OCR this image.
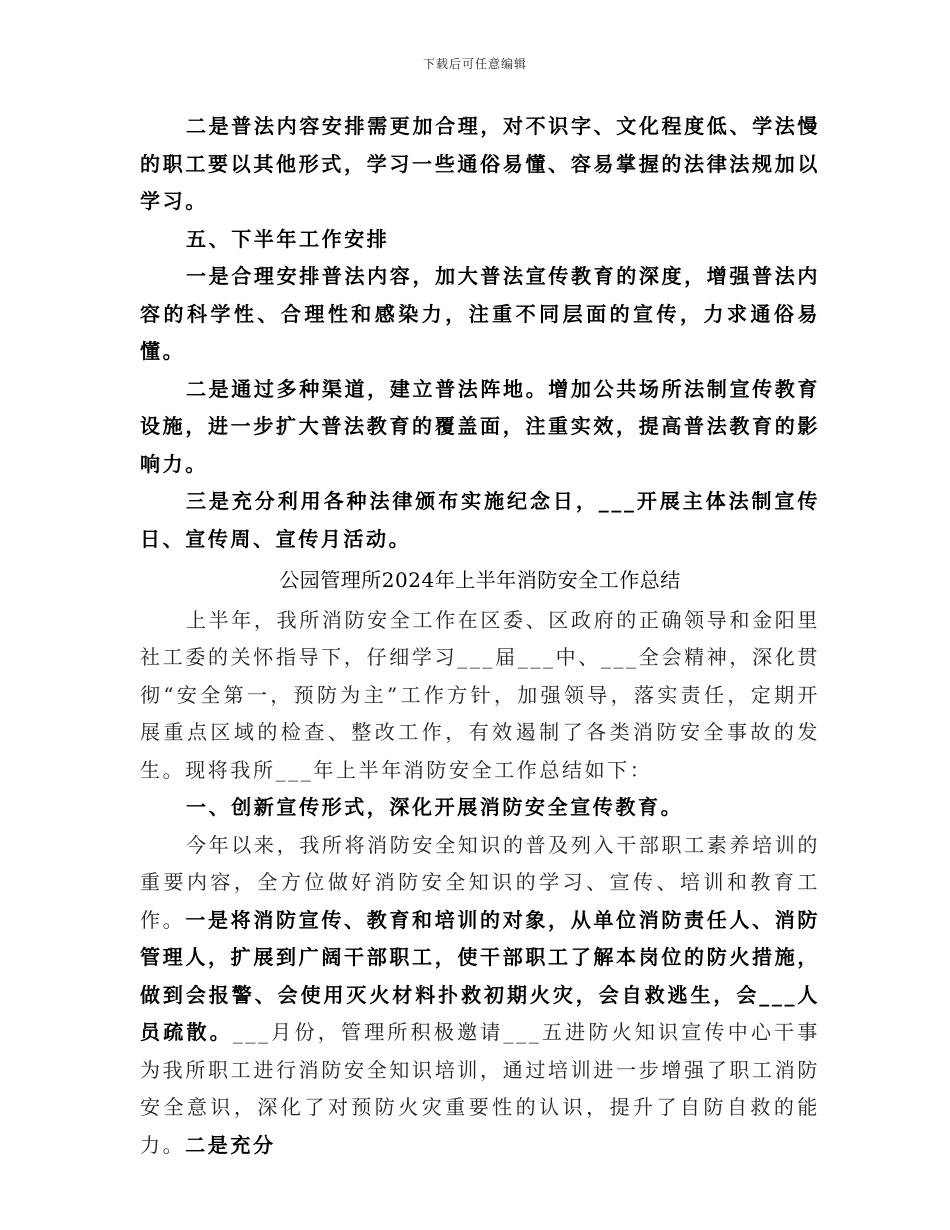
下载后可任意编辑

二是普法内容安排需更加合理，对不识字、文化程度低、学法慢的职工要以其他形式，学习一些通俗易懂、容易掌握的法律法规加以学习。

五、下半年工作安排

一是合理安排普法内容，加大普法宣传教育的深度，增强普法内容的科学性、合理性和感染力，注重不同层面的宣传，力求通俗易懂。

二是通过多种渠道，建立普法阵地。增加公共场所法制宣传教育设施，进一步扩大普法教育的覆盖面，注重实效，提高普法教育的影响力。

三是充分利用各种法律颁布实施纪念日，___开展主体法制宣传日、宣传周、宣传月活动。

公园管理所2024年上半年消防安全工作总结

上半年，我所消防安全工作在区委、区政府的正确领导和金阳里社工委的关怀指导下，仔细学习___届___中、___全会精神，深化贯彻“安全第一，预防为主”工作方针，加强领导，落实责任，定期开展重点区域的检查、整改工作，有效遏制了各类消防安全事故的发生。现将我所___年上半年消防安全工作总结如下：

一、创新宣传形式，深化开展消防安全宣传教育。

今年以来，我所将消防安全知识的普及列入干部职工素养培训的重要内容，全方位做好消防安全知识的学习、宣传、培训和教育工作。一是将消防宣传、教育和培训的对象，从单位消防责任人、消防管理人，扩展到广阔干部职工，使干部职工了解本岗位的防火措施，做到会报警、会使用灭火材料扑救初期火灾，会自救逃生，会___人员疏散。___月份，管理所积极邀请___五进防火知识宣传中心干事为我所职工进行消防安全知识培训，通过培训进一步增强了职工消防安全意识，深化了对预防火灾重要性的认识，提升了自防自救的能力。二是充分
